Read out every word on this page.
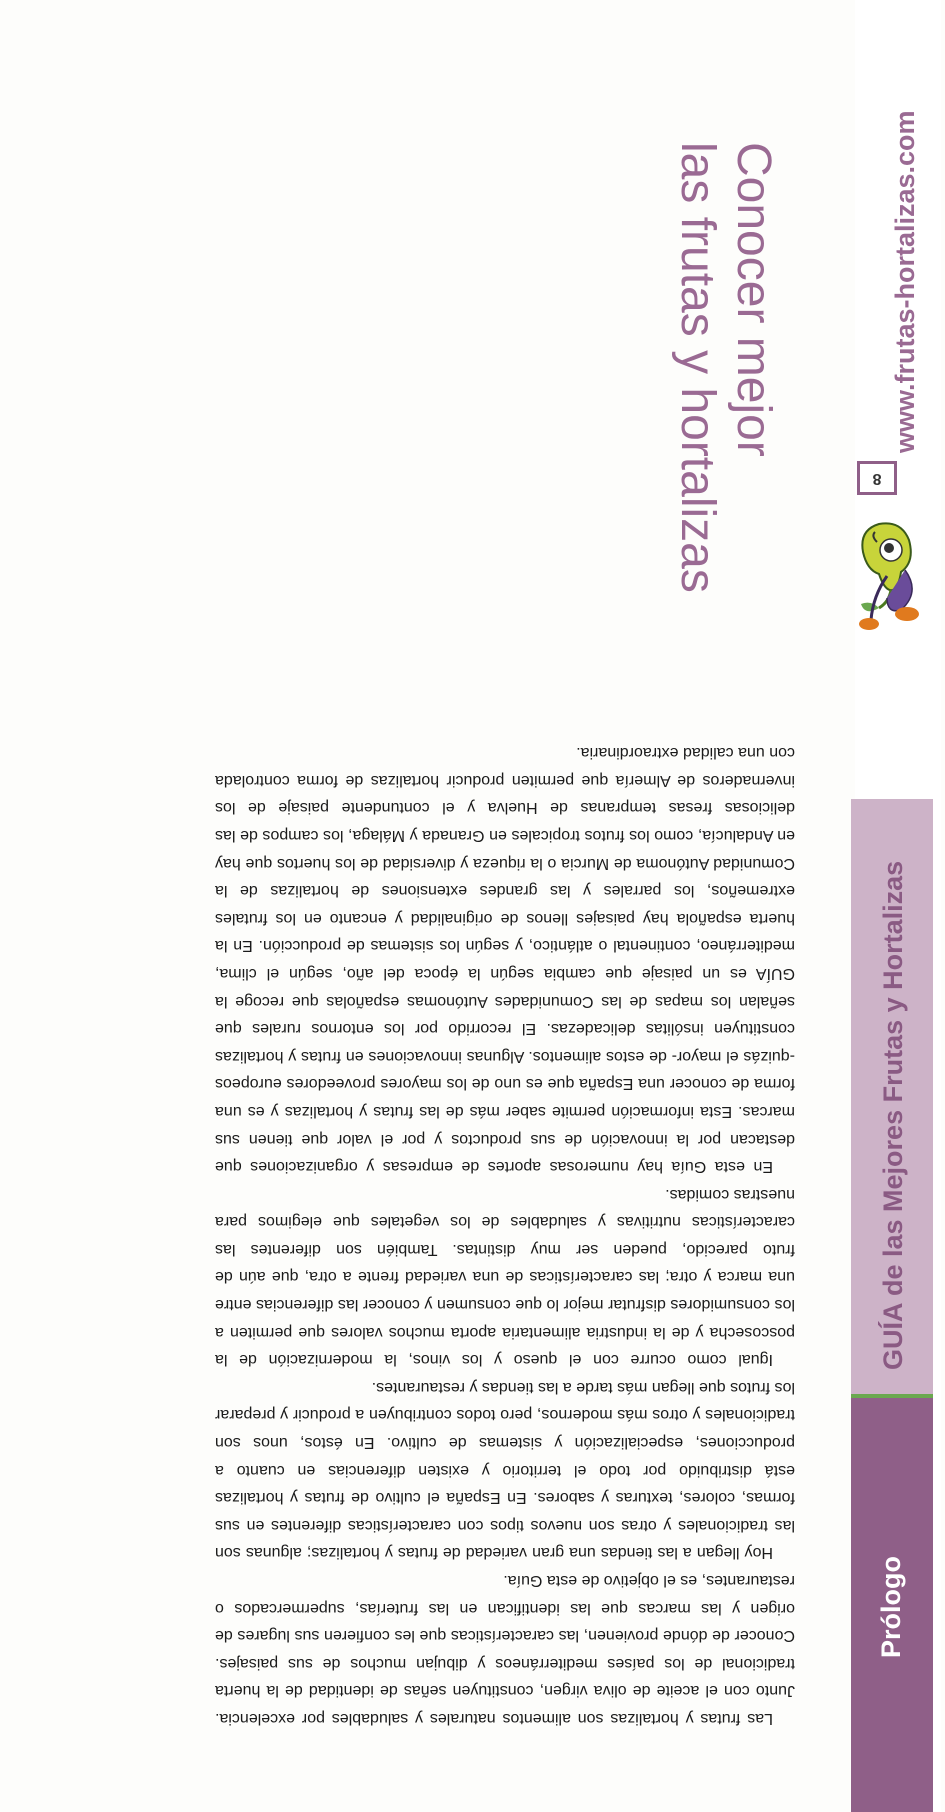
Prólogo
GUÍA de las Mejores Frutas y Hortalizas
8
www.frutas-hortalizas.com
Conocer mejor
las frutas y hortalizas

Las frutas y hortalizas son alimentos naturales y saludables por excelencia. Junto con el aceite de oliva virgen, constituyen señas de identidad de la huerta tradicional de los países mediterráneos y dibujan muchos de sus paisajes. Conocer de dónde provienen, las características que les confieren sus lugares de origen y las marcas que las identifican en las fruterías, supermercados o restaurantes, es el objetivo de esta Guía.

Hoy llegan a las tiendas una gran variedad de frutas y hortalizas; algunas son las tradicionales y otras son nuevos tipos con características diferentes en sus formas, colores, texturas y sabores. En España el cultivo de frutas y hortalizas está distribuido por todo el territorio y existen diferencias en cuanto a producciones, especialización y sistemas de cultivo. En éstos, unos son tradicionales y otros más modernos, pero todos contribuyen a producir y preparar los frutos que llegan más tarde a las tiendas y restaurantes.

Igual como ocurre con el queso y los vinos, la modernización de la poscosecha y de la industria alimentaria aporta muchos valores que permiten a los consumidores disfrutar mejor lo que consumen y conocer las diferencias entre una marca y otra; las características de una variedad frente a otra, que aún de fruto parecido, pueden ser muy distintas. También son diferentes las características nutritivas y saludables de los vegetales que elegimos para nuestras comidas.

En esta Guía hay numerosas aportes de empresas y organizaciones que destacan por la innovación de sus productos y por el valor que tienen sus marcas. Esta información permite saber más de las frutas y hortalizas y es una forma de conocer una España que es uno de los mayores proveedores europeos -quizás el mayor- de estos alimentos. Algunas innovaciones en frutas y hortalizas constituyen insólitas delicadezas. El recorrido por los entornos rurales que señalan los mapas de las Comunidades Autónomas españolas que recoge la GUÍA es un paisaje que cambia según la época del año, según el clima, mediterráneo, continental o atlántico, y según los sistemas de producción. En la huerta española hay paisajes llenos de originalidad y encanto en los frutales extremeños, los parrales y las grandes extensiones de hortalizas de la Comunidad Autónoma de Murcia o la riqueza y diversidad de los huertos que hay en Andalucía, como los frutos tropicales en Granada y Málaga, los campos de las deliciosas fresas tempranas de Huelva y el contundente paisaje de los invernaderos de Almería que permiten producir hortalizas de forma controlada con una calidad extraordinaria.
